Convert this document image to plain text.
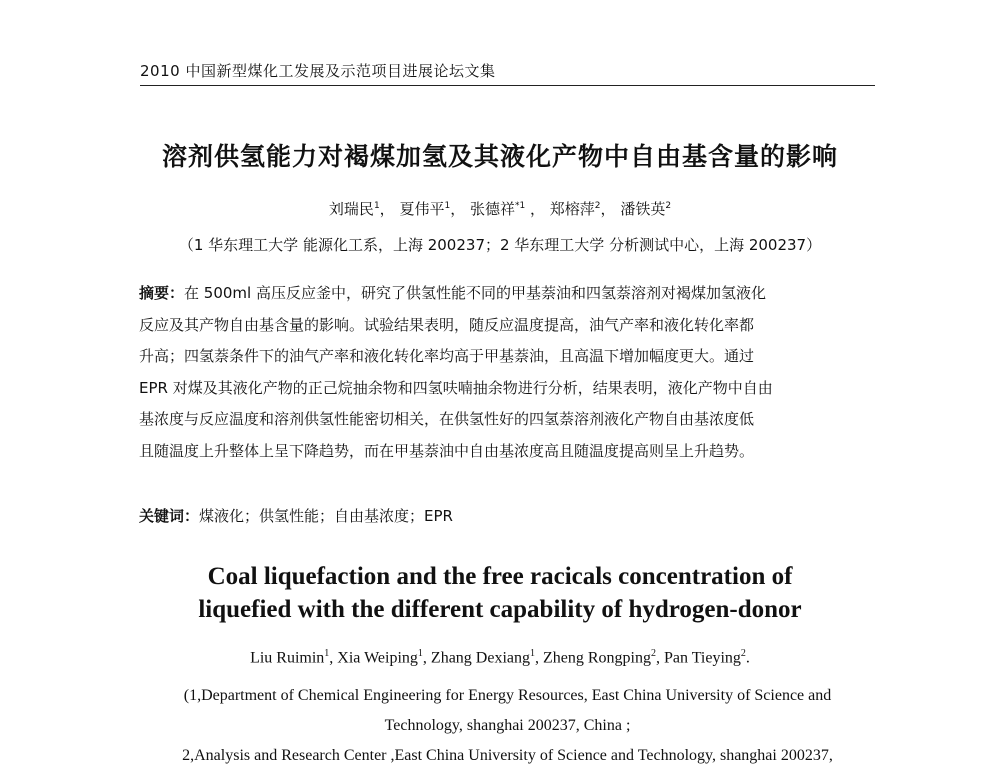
2010 中国新型煤化工发展及示范项目进展论坛文集
溶剂供氢能力对褐煤加氢及其液化产物中自由基含量的影响
刘瑞民$^1$， 夏伟平$^1$， 张德祥$^{*1}$ ， 郑榕萍$^2$， 潘铁英$^2$
（1 华东理工大学 能源化工系，上海 200237；2 华东理工大学 分析测试中心，上海 200237）
摘要：在 500ml 高压反应釜中，研究了供氢性能不同的甲基萘油和四氢萘溶剂对褐煤加氢液化
反应及其产物自由基含量的影响。试验结果表明，随反应温度提高，油气产率和液化转化率都
升高；四氢萘条件下的油气产率和液化转化率均高于甲基萘油，且高温下增加幅度更大。通过
EPR 对煤及其液化产物的正己烷抽余物和四氢呋喃抽余物进行分析，结果表明，液化产物中自由
基浓度与反应温度和溶剂供氢性能密切相关，在供氢性好的四氢萘溶剂液化产物自由基浓度低
且随温度上升整体上呈下降趋势，而在甲基萘油中自由基浓度高且随温度提高则呈上升趋势。
关键词：煤液化；供氢性能；自由基浓度；EPR
Coal liquefaction and the free racicals concentration of
liquefied with the different capability of hydrogen-donor
Liu Ruimin$^1$, Xia Weiping$^1$, Zhang Dexiang$^1$, Zheng Rongping$^2$, Pan Tieying$^2$.
(1,Department of Chemical Engineering for Energy Resources, East China University of Science and
Technology, shanghai 200237, China ;
2,Analysis and Research Center ,East China University of Science and Technology, shanghai 200237,
